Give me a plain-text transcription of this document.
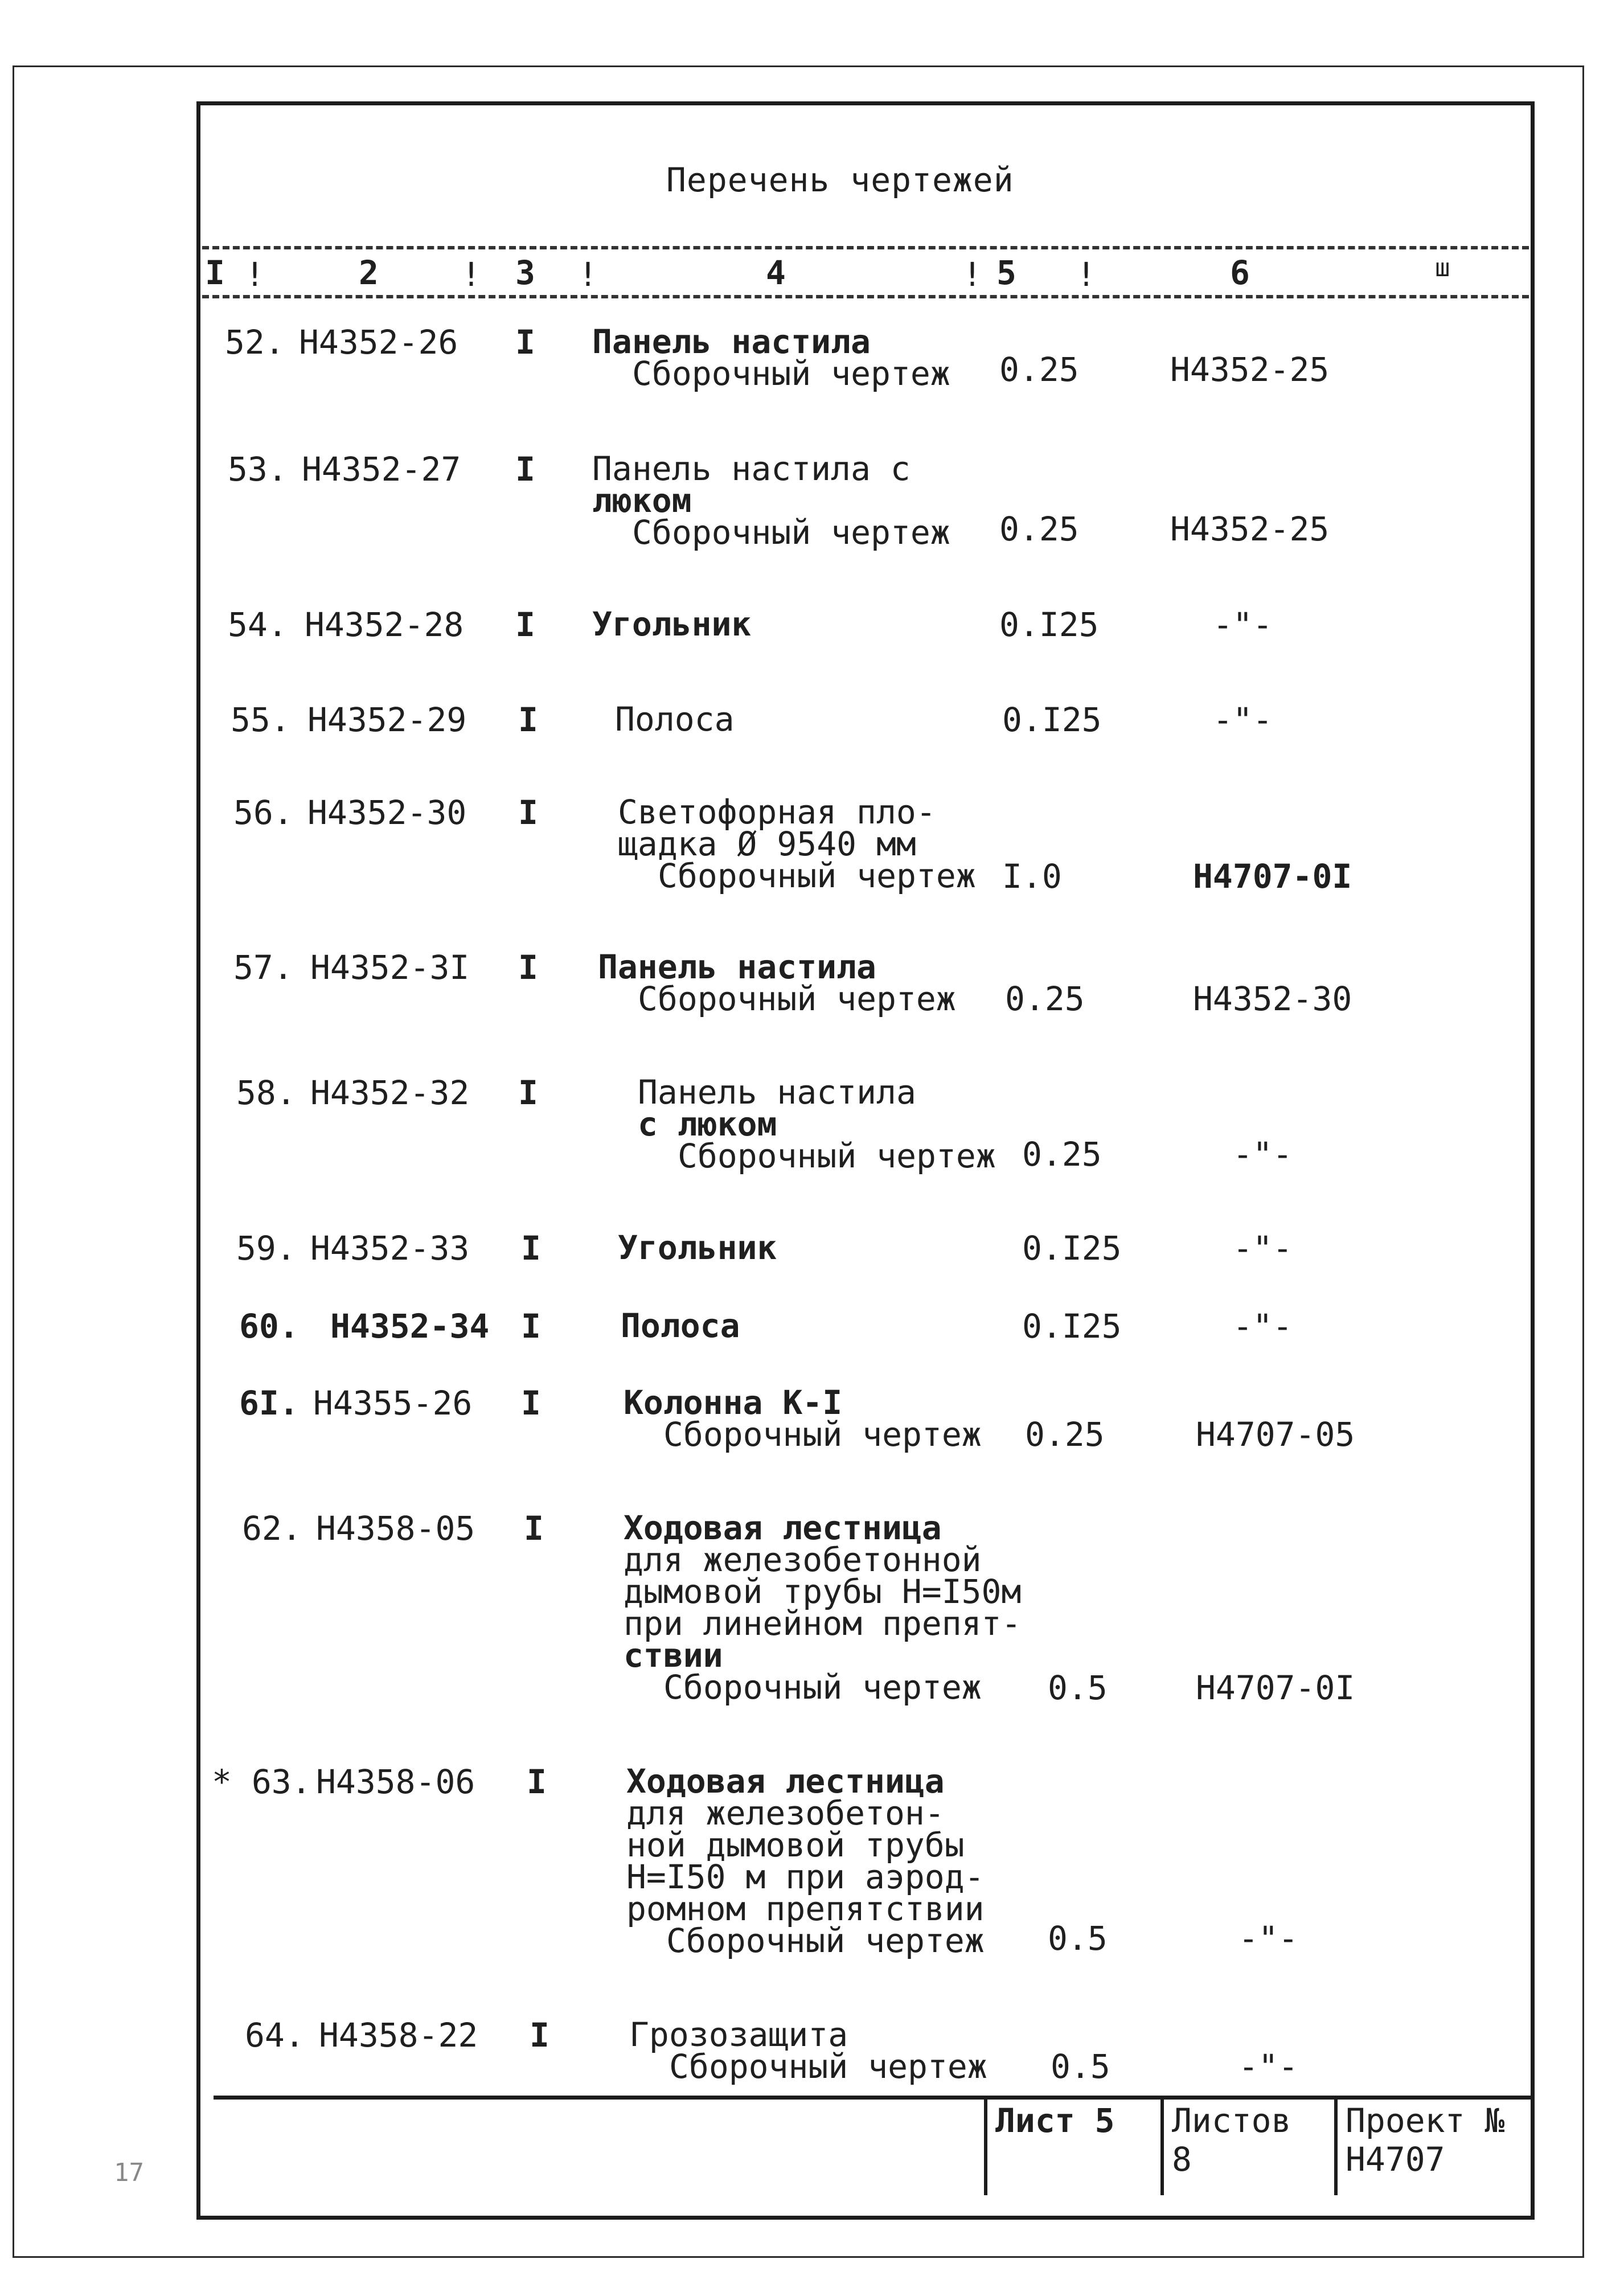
Перечень чертежей
I !	2	! 3 !	4	! 5 !	6	ш
52. H4352-26 I Панель настила
Сборочный чертеж 0.25	H4352-25
53. H4352-27 I Панель настила с
люком
Сборочный чертеж 0.25	H4352-25
54. H4352-28 I Угольник	0.I25	-"-
55. H4352-29 I Полоса	0.I25	-"-
56. H4352-30 I Светофорная пло-
щадка Ø 9540 мм
Сборочный чертеж I.0	H4707-0I
57. H4352-3I I Панель настила
Сборочный чертеж 0.25	H4352-30
58. H4352-32 I	Панель настила
с люком
Сборочный чертеж 0.25	-"-
59. H4352-33 I Угольник	0.I25	-"-
60. H4352-34 I Полоса	0.I25	-"-
6I. H4355-26 I	Колонна К-I
Сборочный чертеж 0.25	H4707-05
62. H4358-05 I Ходовая лестница
для железобетонной
дымовой трубы Н=I50м
при линейном препят-
ствии
Сборочный чертеж	0.5	H4707-0I
* 63. H4358-06 I Ходовая лестница
для железобетон-
ной дымовой трубы
Н=I50 м при аэрод-
ромном препятствии
Сборочный чертеж 0.5	-"-
64. H4358-22 I Грозозащита
Сборочный чертеж 0.5	-"-
Лист 5	Листов 8
Проект №
H4707
17
